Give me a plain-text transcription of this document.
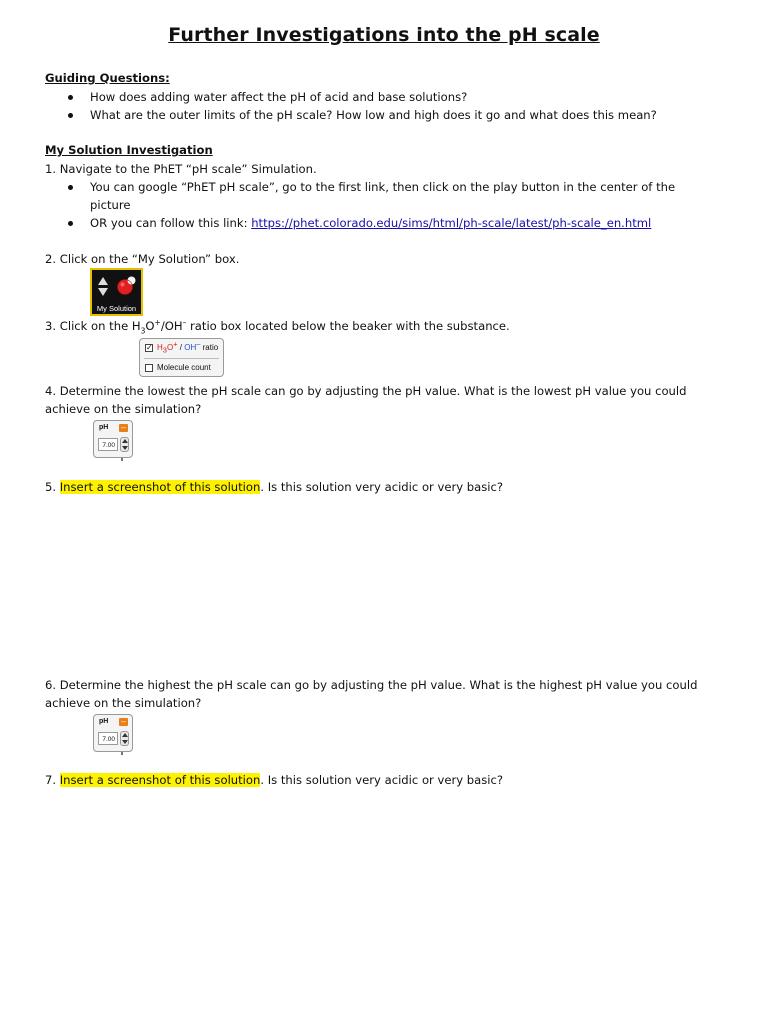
Further Investigations into the pH scale
Guiding Questions:
How does adding water affect the pH of acid and base solutions?
What are the outer limits of the pH scale? How low and high does it go and what does this mean?
My Solution Investigation
1. Navigate to the PhET “pH scale” Simulation.
You can google “PhET pH scale”, go to the first link, then click on the play button in the center of the
picture
OR you can follow this link: https://phet.colorado.edu/sims/html/ph-scale/latest/ph-scale_en.html
2. Click on the “My Solution” box.
My Solution
3. Click on the $H_3O^+/OH^-$ ratio box located below the beaker with the substance.
✓ $H_3O^+ / OH^-$ ratio
Molecule count
4. Determine the lowest the pH scale can go by adjusting the pH value. What is the lowest pH value you could
achieve on the simulation?
pH –
7.00
5. Insert a screenshot of this solution. Is this solution very acidic or very basic?
6. Determine the highest the pH scale can go by adjusting the pH value. What is the highest pH value you could
achieve on the simulation?
pH –
7.00
7. Insert a screenshot of this solution. Is this solution very acidic or very basic?
